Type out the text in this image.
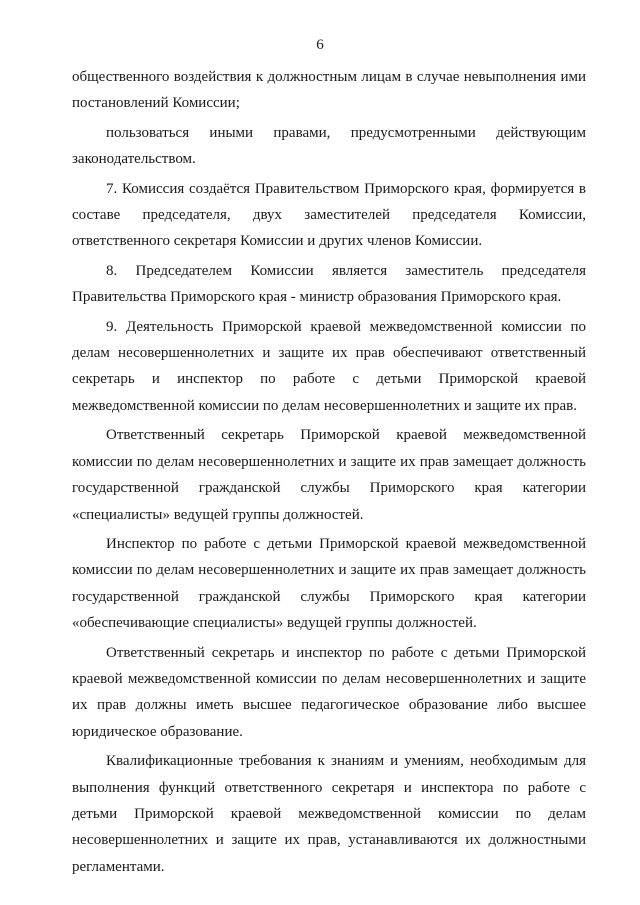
6

общественного воздействия к должностным лицам в случае невыполнения ими постановлений Комиссии;

пользоваться иными правами, предусмотренными действующим законодательством.

7. Комиссия создаётся Правительством Приморского края, формируется в составе председателя, двух заместителей председателя Комиссии, ответственного секретаря Комиссии и других членов Комиссии.

8. Председателем Комиссии является заместитель председателя Правительства Приморского края - министр образования Приморского края.

9. Деятельность Приморской краевой межведомственной комиссии по делам несовершеннолетних и защите их прав обеспечивают ответственный секретарь и инспектор по работе с детьми Приморской краевой межведомственной комиссии по делам несовершеннолетних и защите их прав.

Ответственный секретарь Приморской краевой межведомственной комиссии по делам несовершеннолетних и защите их прав замещает должность государственной гражданской службы Приморского края категории «специалисты» ведущей группы должностей.

Инспектор по работе с детьми Приморской краевой межведомственной комиссии по делам несовершеннолетних и защите их прав замещает должность государственной гражданской службы Приморского края категории «обеспечивающие специалисты» ведущей группы должностей.

Ответственный секретарь и инспектор по работе с детьми Приморской краевой межведомственной комиссии по делам несовершеннолетних и защите их прав должны иметь высшее педагогическое образование либо высшее юридическое образование.

Квалификационные требования к знаниям и умениям, необходимым для выполнения функций ответственного секретаря и инспектора по работе с детьми Приморской краевой межведомственной комиссии по делам несовершеннолетних и защите их прав, устанавливаются их должностными регламентами.
